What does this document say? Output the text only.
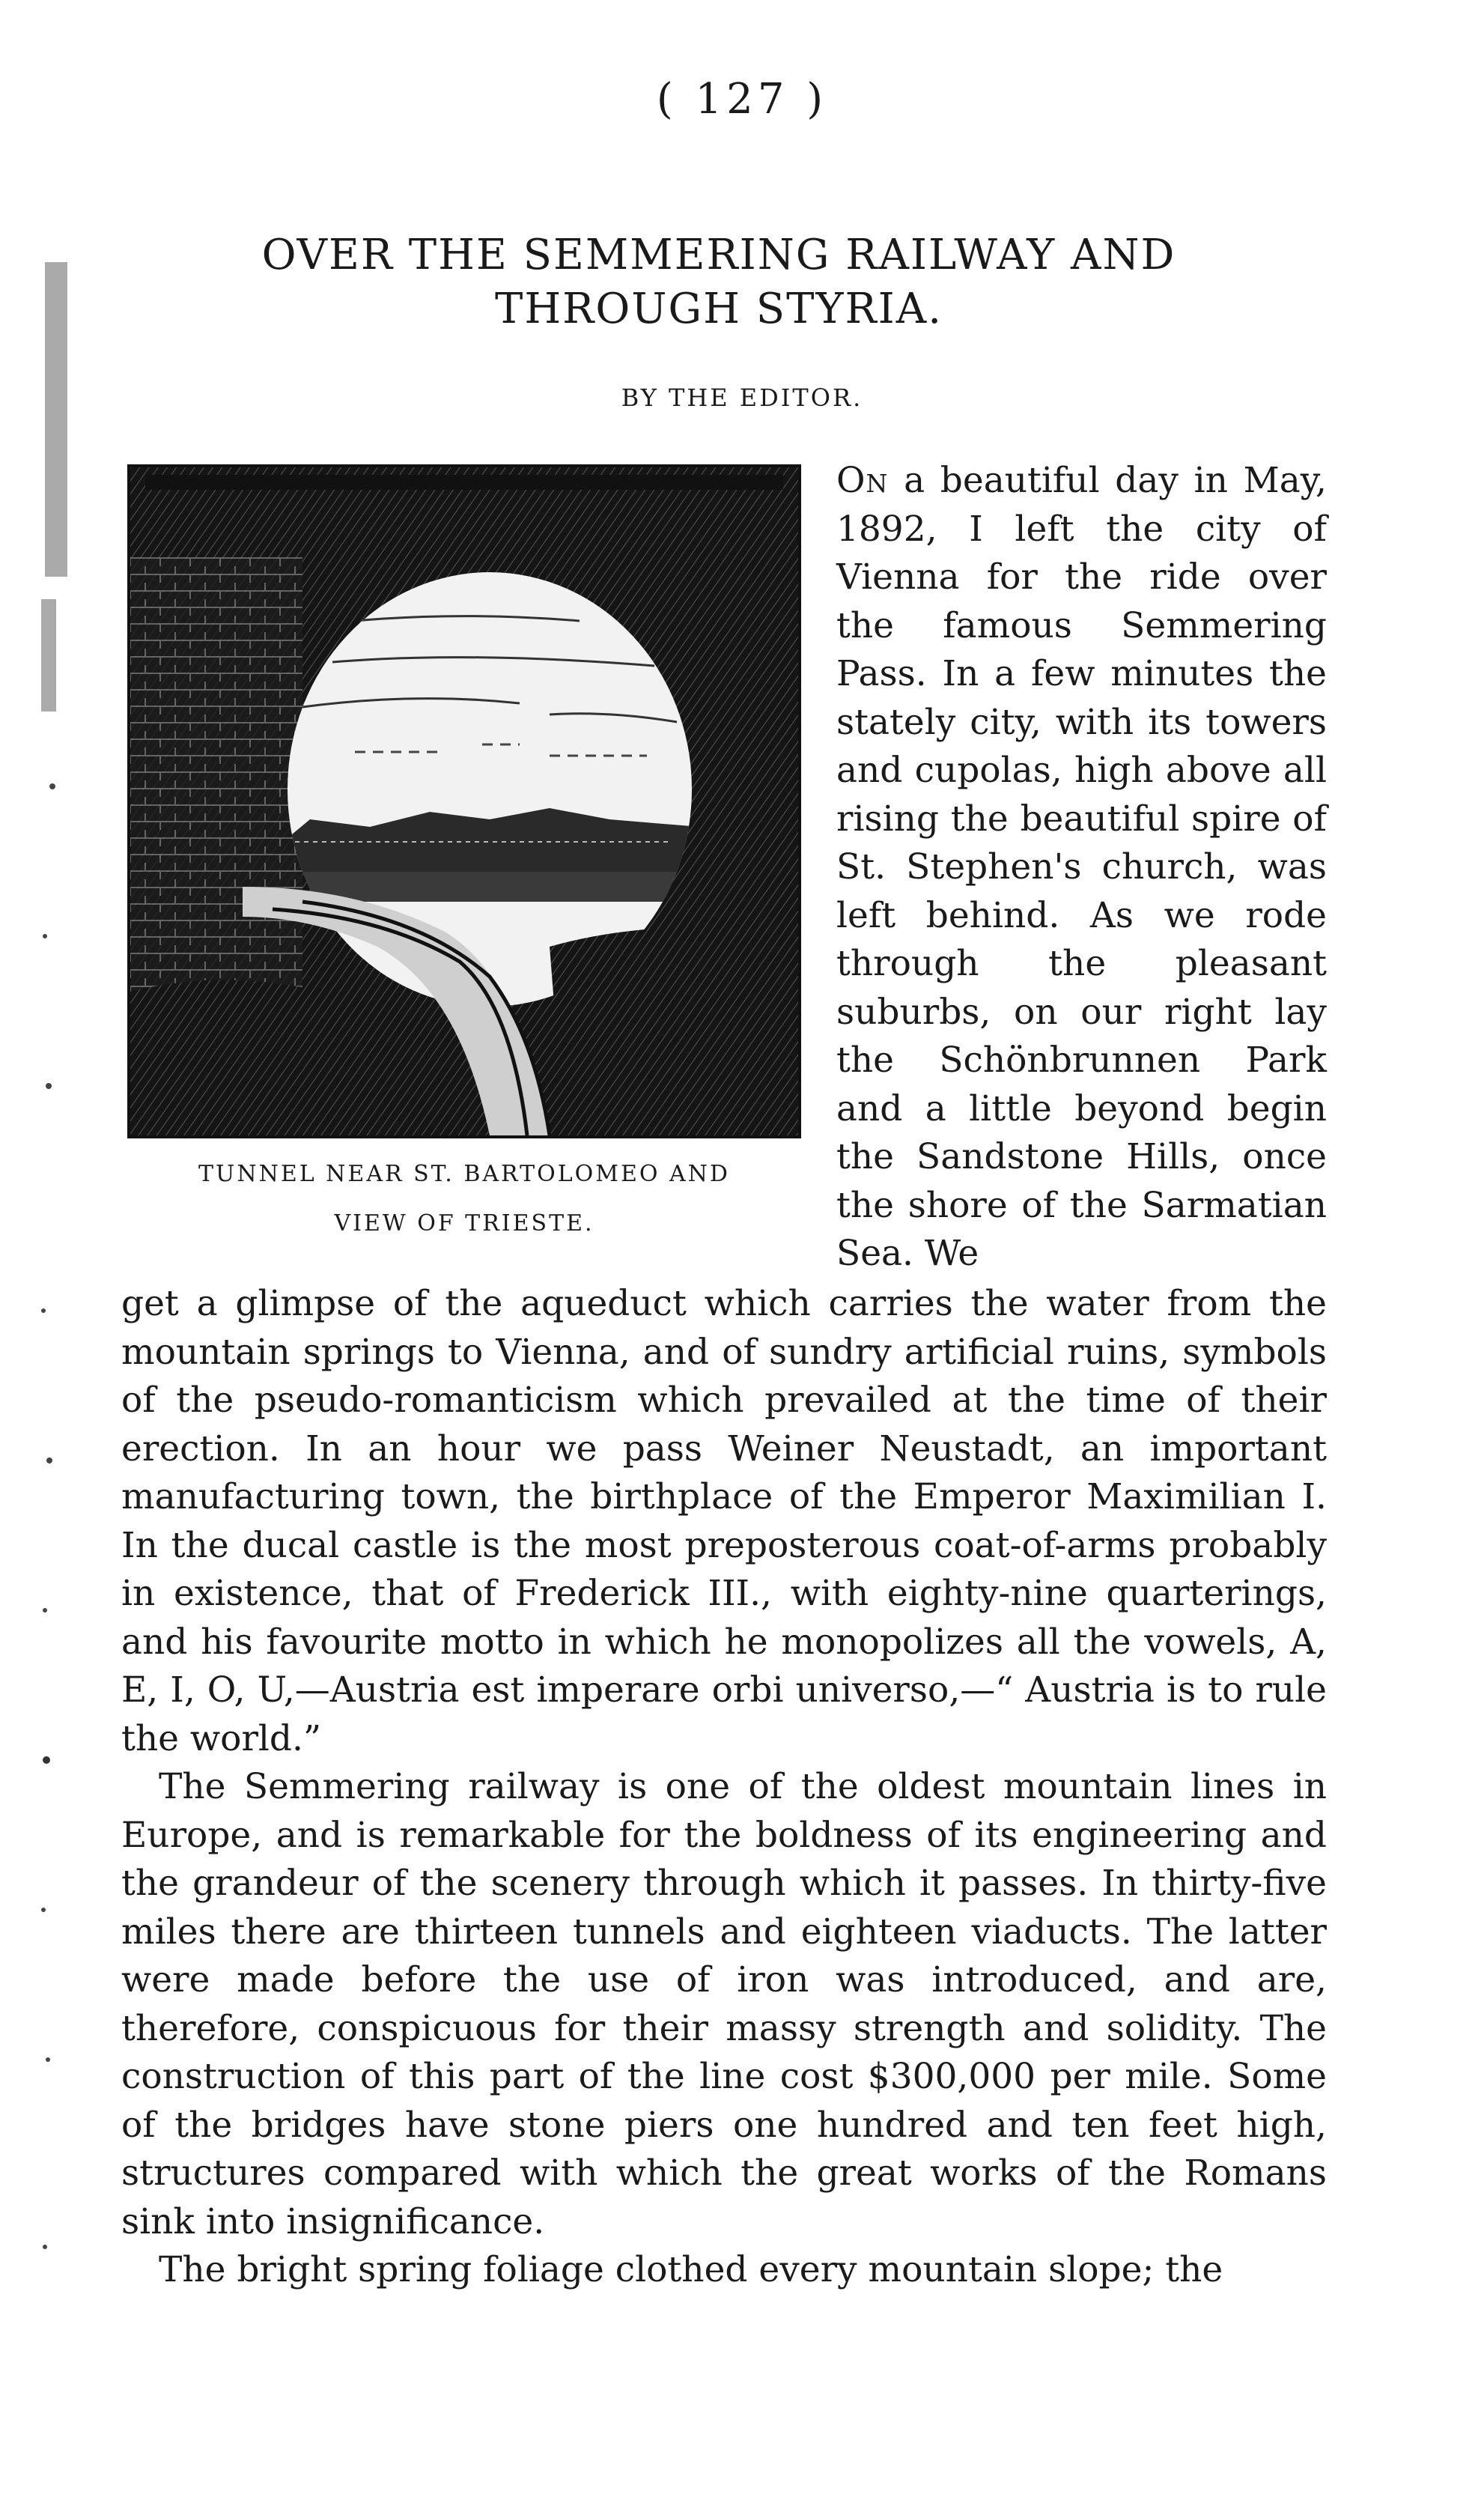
( 127 )
OVER THE SEMMERING RAILWAY AND
THROUGH STYRIA.
BY THE EDITOR.
TUNNEL NEAR ST. BARTOLOMEO AND
VIEW OF TRIESTE.

On a beautiful day in May, 1892, I left the city of Vienna for the ride over the famous Semmering Pass. In a few minutes the stately city, with its towers and cupolas, high above all rising the beautiful spire of St. Stephen's church, was left behind. As we rode through the pleasant suburbs, on our right lay the Schönbrunnen Park and a little beyond begin the Sandstone Hills, once the shore of the Sarmatian Sea. We

get a glimpse of the aqueduct which carries the water from the mountain springs to Vienna, and of sundry artificial ruins, symbols of the pseudo-romanticism which prevailed at the time of their erection. In an hour we pass Weiner Neustadt, an important manufacturing town, the birthplace of the Emperor Maximilian I. In the ducal castle is the most preposterous coat-of-arms probably in existence, that of Frederick III., with eighty-nine quarterings, and his favourite motto in which he monopolizes all the vowels, A, E, I, O, U,—Austria est imperare orbi universo,—“ Austria is to rule the world.”

The Semmering railway is one of the oldest mountain lines in Europe, and is remarkable for the boldness of its engineering and the grandeur of the scenery through which it passes. In thirty-five miles there are thirteen tunnels and eighteen viaducts. The latter were made before the use of iron was introduced, and are, therefore, conspicuous for their massy strength and solidity. The construction of this part of the line cost $300,000 per mile. Some of the bridges have stone piers one hundred and ten feet high, structures compared with which the great works of the Romans sink into insignificance.

The bright spring foliage clothed every mountain slope; the
